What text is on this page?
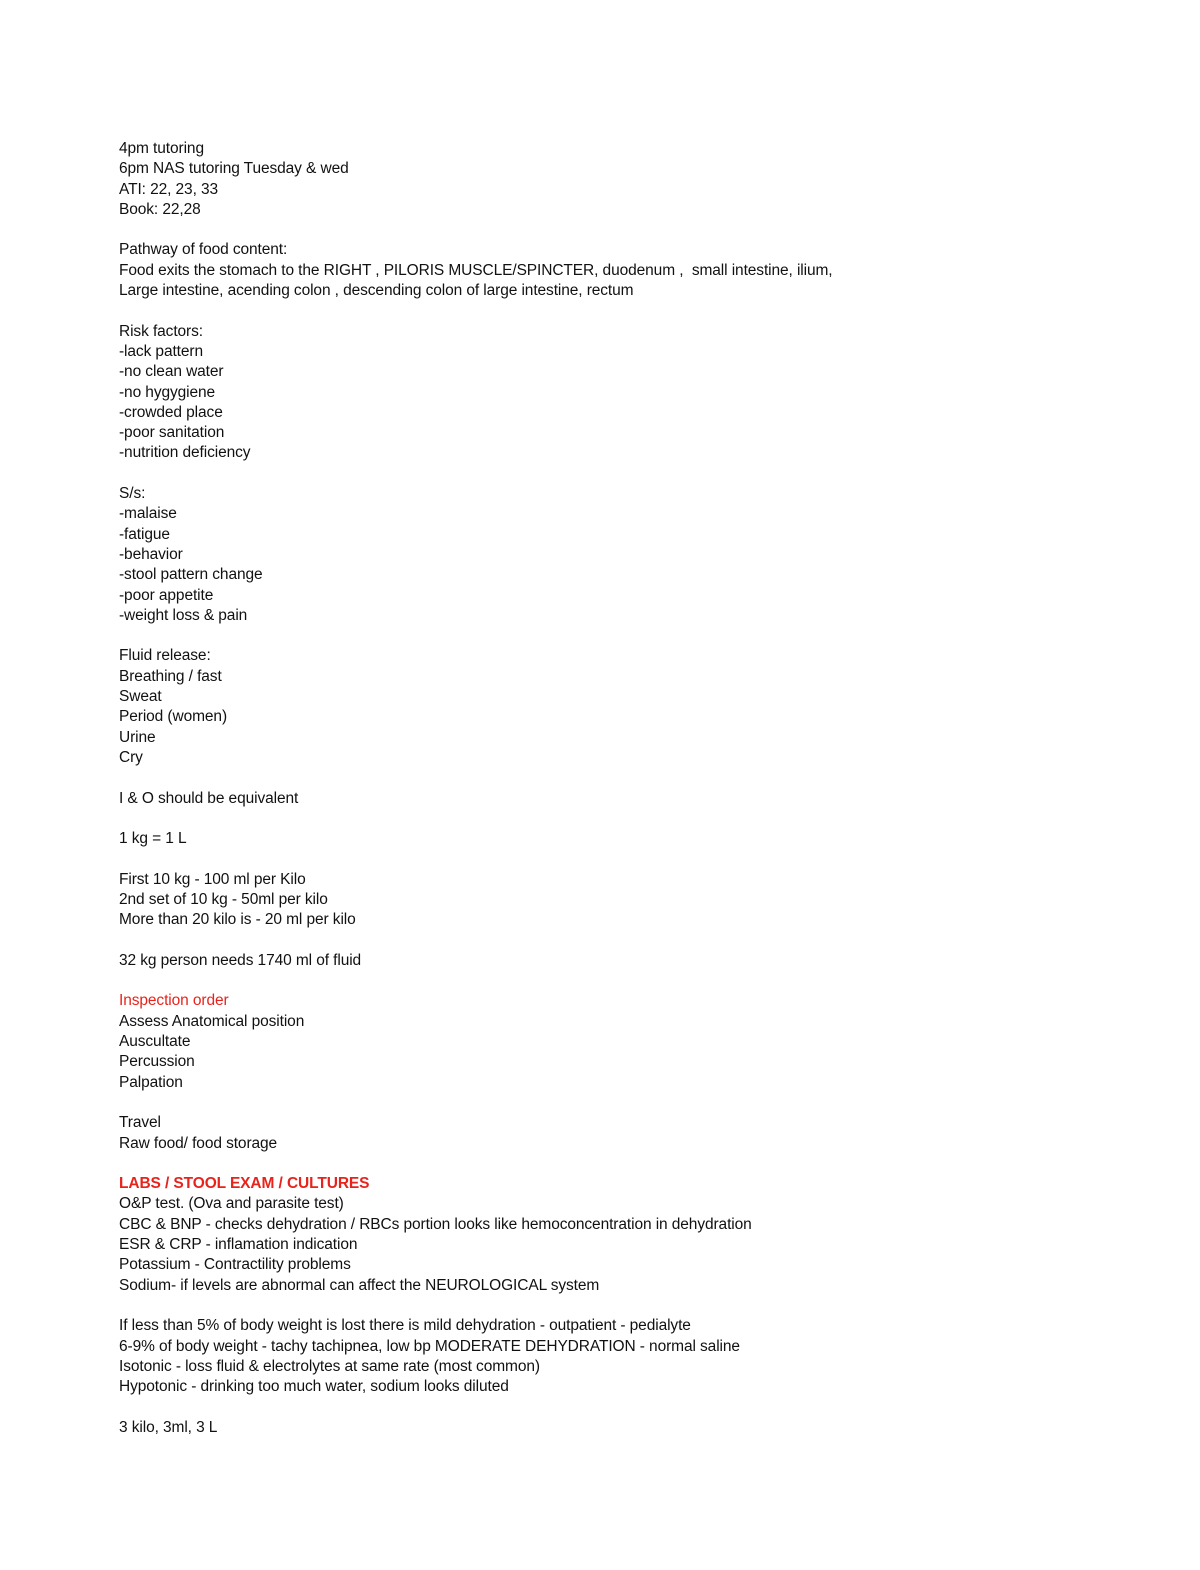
4pm tutoring
6pm NAS tutoring Tuesday & wed
ATI: 22, 23, 33
Book: 22,28
Pathway of food content:
Food exits the stomach to the RIGHT , PILORIS MUSCLE/SPINCTER, duodenum ,  small intestine, ilium,
Large intestine, acending colon , descending colon of large intestine, rectum
Risk factors:
-lack pattern
-no clean water
-no hygygiene
-crowded place
-poor sanitation
-nutrition deficiency
S/s:
-malaise
-fatigue
-behavior
-stool pattern change
-poor appetite
-weight loss & pain
Fluid release:
Breathing / fast
Sweat
Period (women)
Urine
Cry
I & O should be equivalent
1 kg = 1 L
First 10 kg - 100 ml per Kilo
2nd set of 10 kg - 50ml per kilo
More than 20 kilo is - 20 ml per kilo
32 kg person needs 1740 ml of fluid
Inspection order
Assess Anatomical position
Auscultate
Percussion
Palpation
Travel
Raw food/ food storage
LABS / STOOL EXAM / CULTURES
O&P test. (Ova and parasite test)
CBC & BNP - checks dehydration / RBCs portion looks like hemoconcentration in dehydration
ESR & CRP - inflamation indication
Potassium - Contractility problems
Sodium- if levels are abnormal can affect the NEUROLOGICAL system
If less than 5% of body weight is lost there is mild dehydration - outpatient - pedialyte
6-9% of body weight - tachy tachipnea, low bp MODERATE DEHYDRATION - normal saline
Isotonic - loss fluid & electrolytes at same rate (most common)
Hypotonic - drinking too much water, sodium looks diluted
3 kilo, 3ml, 3 L
